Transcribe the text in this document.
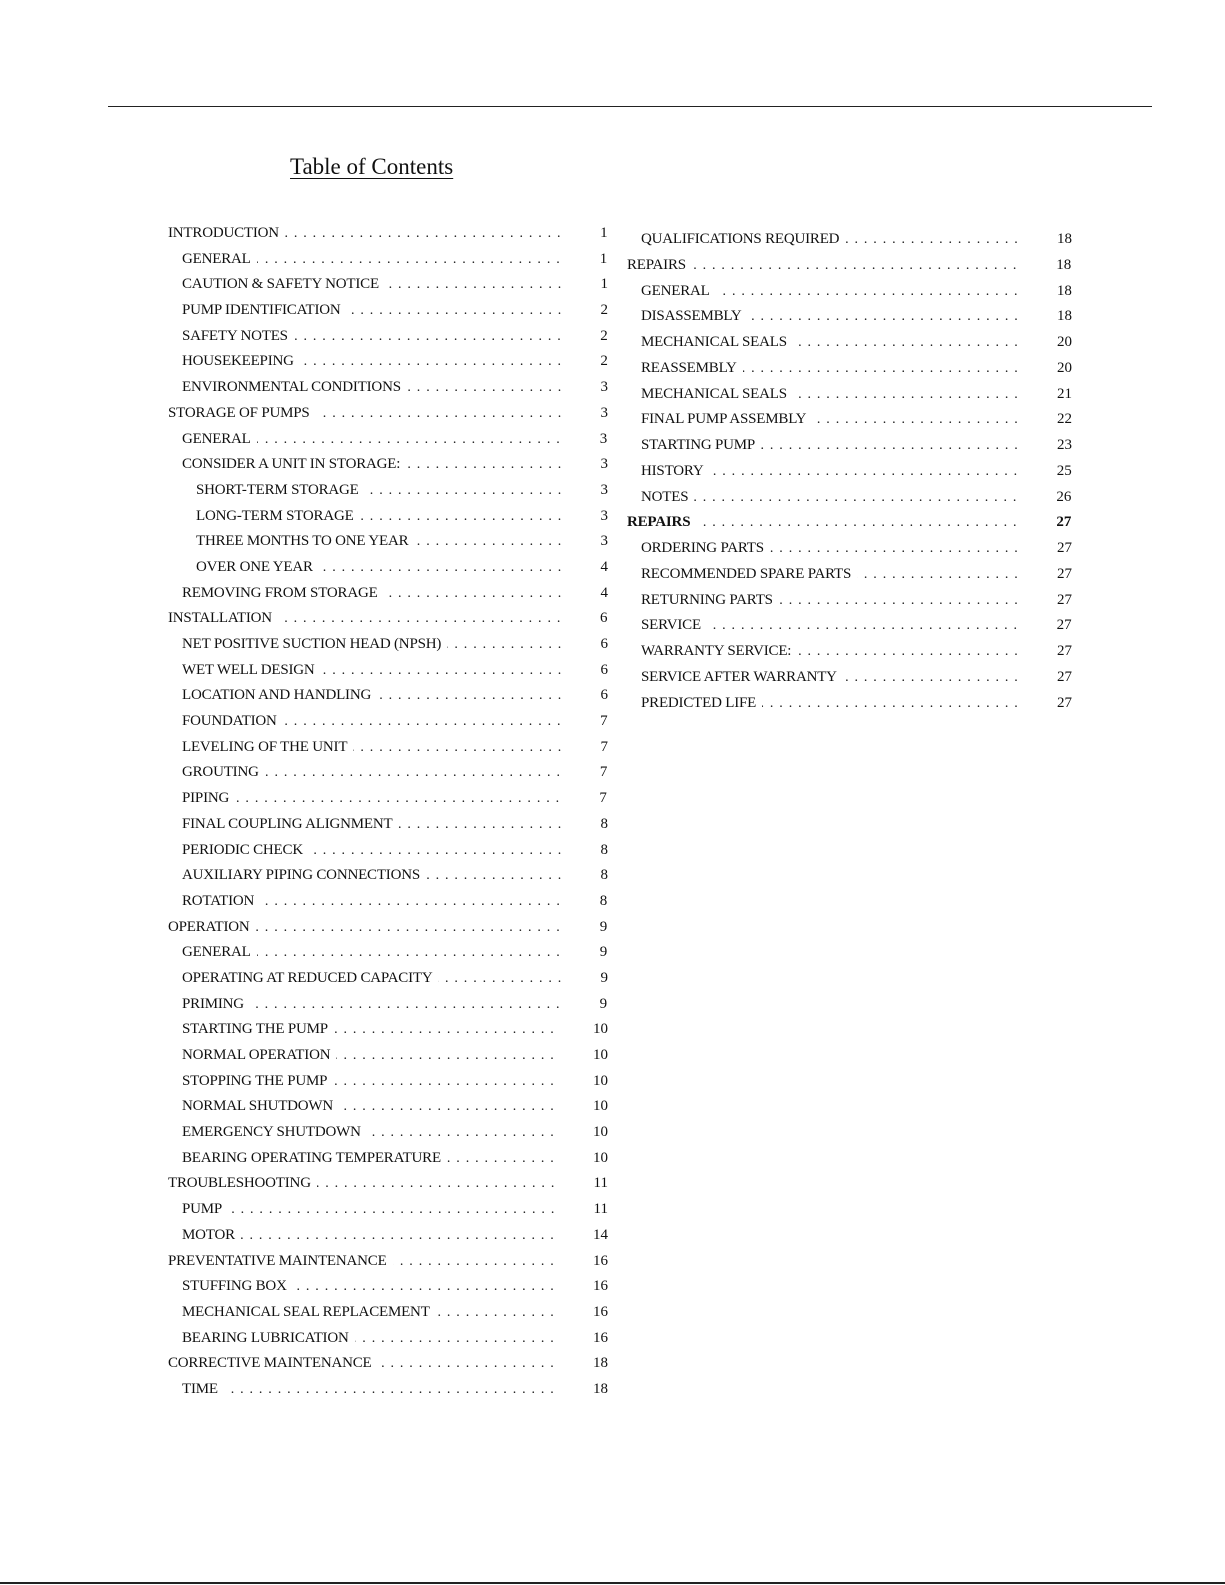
Table of Contents
INTRODUCTION . . .	1
GENERAL . . .	1
CAUTION & SAFETY NOTICE . . .	1
PUMP IDENTIFICATION . . .	2
SAFETY NOTES . . .	2
HOUSEKEEPING . . .	2
ENVIRONMENTAL CONDITIONS . . .	3
STORAGE OF PUMPS . . .	3
GENERAL . . .	3
CONSIDER A UNIT IN STORAGE: . . .	3
SHORT-TERM STORAGE . . .	3
LONG-TERM STORAGE . . .	3
THREE MONTHS TO ONE YEAR . . .	3
OVER ONE YEAR . . .	4
REMOVING FROM STORAGE . . .	4
INSTALLATION . . .	6
NET POSITIVE SUCTION HEAD (NPSH) . . .	6
WET WELL DESIGN . . .	6
LOCATION AND HANDLING . . .	6
FOUNDATION . . .	7
LEVELING OF THE UNIT . . .	7
GROUTING . . .	7
PIPING . . .	7
FINAL COUPLING ALIGNMENT . . .	8
PERIODIC CHECK . . .	8
AUXILIARY PIPING CONNECTIONS . . .	8
ROTATION . . .	8
OPERATION . . .	9
GENERAL . . .	9
OPERATING AT REDUCED CAPACITY . . .	9
PRIMING . . .	9
STARTING THE PUMP . . .	10
NORMAL OPERATION . . .	10
STOPPING THE PUMP . . .	10
NORMAL SHUTDOWN . . .	10
EMERGENCY SHUTDOWN . . .	10
BEARING OPERATING TEMPERATURE . . .	10
TROUBLESHOOTING . . .	11
PUMP . . .	11
MOTOR . . .	14
PREVENTATIVE MAINTENANCE . . .	16
STUFFING BOX . . .	16
MECHANICAL SEAL REPLACEMENT . . .	16
BEARING LUBRICATION . . .	16
CORRECTIVE MAINTENANCE . . .	18
TIME . . .	18
QUALIFICATIONS REQUIRED . . .	18
REPAIRS . . .	18
GENERAL . . .	18
DISASSEMBLY . . .	18
MECHANICAL SEALS . . .	20
REASSEMBLY . . .	20
MECHANICAL SEALS . . .	21
FINAL PUMP ASSEMBLY . . .	22
STARTING PUMP . . .	23
HISTORY . . .	25
NOTES . . .	26
REPAIRS . . .	27
ORDERING PARTS . . .	27
RECOMMENDED SPARE PARTS . . .	27
RETURNING PARTS . . .	27
SERVICE . . .	27
WARRANTY SERVICE: . . .	27
SERVICE AFTER WARRANTY . . .	27
PREDICTED LIFE . . .	27
